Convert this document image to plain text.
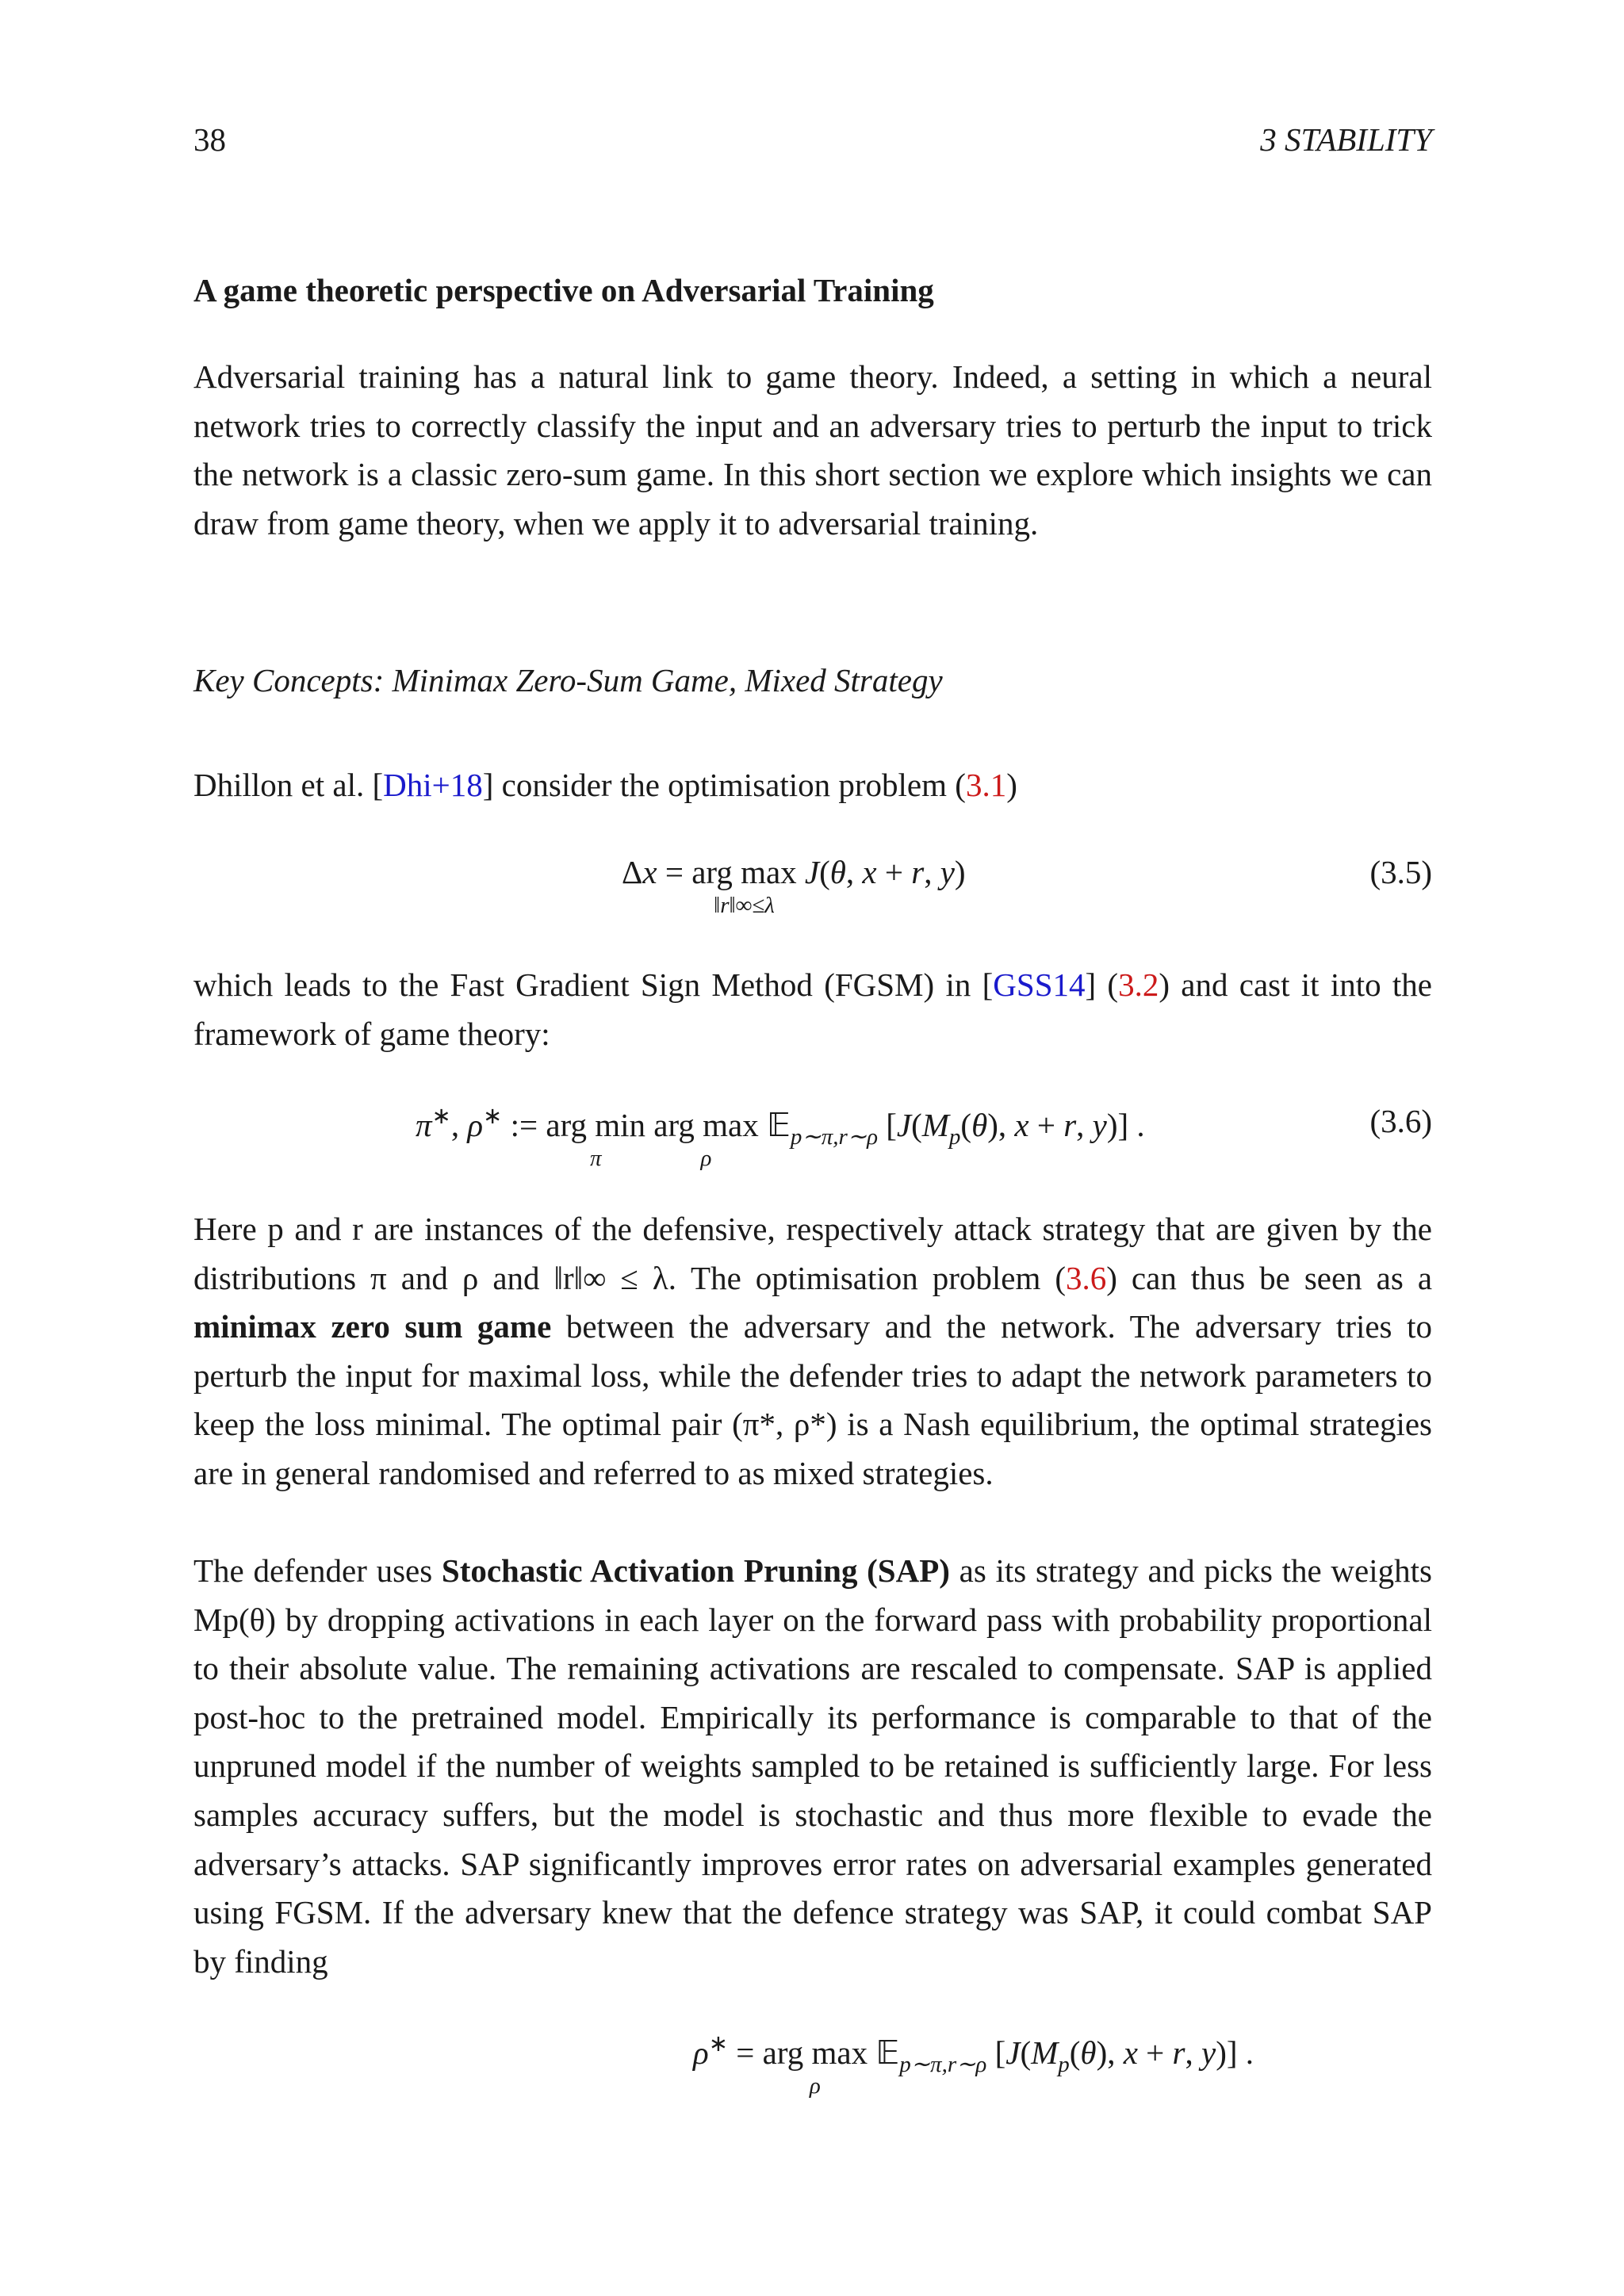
38	3 STABILITY
A game theoretic perspective on Adversarial Training
Adversarial training has a natural link to game theory. Indeed, a setting in which a neural network tries to correctly classify the input and an adversary tries to perturb the input to trick the network is a classic zero-sum game. In this short section we explore which insights we can draw from game theory, when we apply it to adversarial training.
Key Concepts: Minimax Zero-Sum Game, Mixed Strategy
Dhillon et al. [Dhi+18] consider the optimisation problem (3.1)
Δx = arg max
‖r‖∞≤λ
J(θ, x + r, y)	(3.5)
which leads to the Fast Gradient Sign Method (FGSM) in [GSS14] (3.2) and cast it into the framework of game theory:
π∗, ρ∗ := arg min
π
arg max
ρ
𝔼$_{p\sim\pi,r\sim\rho}$ [$J(M_p(\theta)$, x + r, y)] .	(3.6)
Here p and r are instances of the defensive, respectively attack strategy that are given by the distributions π and ρ and ‖r‖∞ ≤ λ. The optimisation problem (3.6) can thus be seen as a minimax zero sum game between the adversary and the network. The adversary tries to perturb the input for maximal loss, while the defender tries to adapt the network parameters to keep the loss minimal. The optimal pair (π*, ρ*) is a Nash equilibrium, the optimal strategies are in general randomised and referred to as mixed strategies.
The defender uses Stochastic Activation Pruning (SAP) as its strategy and picks the weights Mp(θ) by dropping activations in each layer on the forward pass with probability proportional to their absolute value. The remaining activations are rescaled to compensate. SAP is applied post-hoc to the pretrained model. Empirically its performance is comparable to that of the unpruned model if the number of weights sampled to be retained is sufficiently large. For less samples accuracy suffers, but the model is stochastic and thus more flexible to evade the adversary’s attacks. SAP significantly improves error rates on adversarial examples generated using FGSM. If the adversary knew that the defence strategy was SAP, it could combat SAP by finding
ρ∗ = arg max
ρ
𝔼$_{p\sim\pi,r\sim\rho}$ [$J(M_p(\theta)$, x + r, y)] .
